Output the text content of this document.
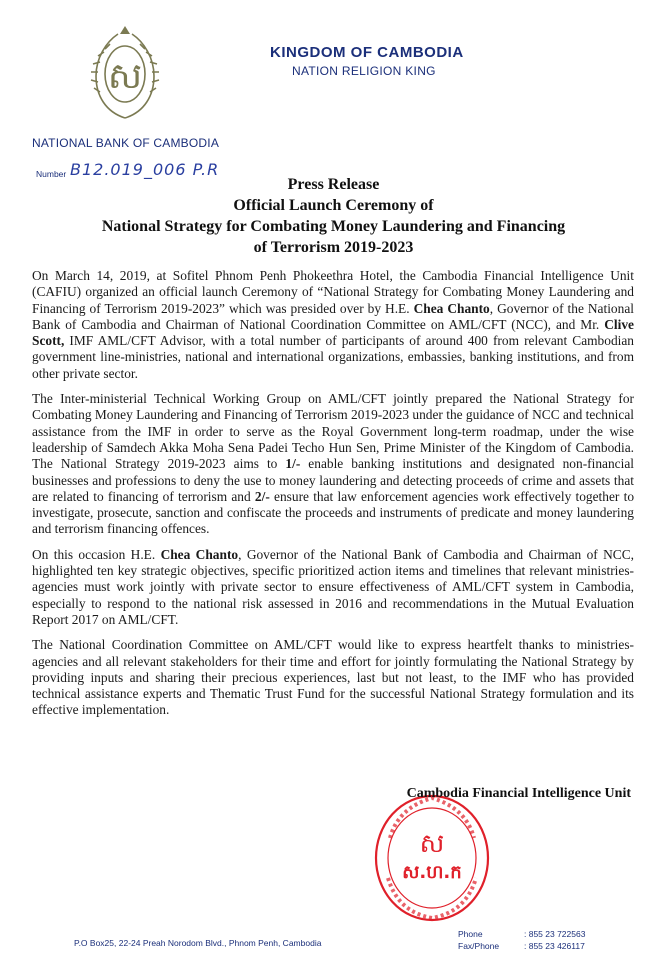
ស
KINGDOM OF CAMBODIA
NATION RELIGION KING
NATIONAL BANK OF CAMBODIA
Number B12.019_006 P.R
Press Release
Official Launch Ceremony of
National Strategy for Combating Money Laundering and Financing
of Terrorism 2019-2023

On March 14, 2019, at Sofitel Phnom Penh Phokeethra Hotel, the Cambodia Financial Intelligence Unit (CAFIU) organized an official launch Ceremony of “National Strategy for Combating Money Laundering and Financing of Terrorism 2019-2023” which was presided over by H.E. Chea Chanto, Governor of the National Bank of Cambodia and Chairman of National Coordination Committee on AML/CFT (NCC), and Mr. Clive Scott, IMF AML/CFT Advisor, with a total number of participants of around 400 from relevant Cambodian government line-ministries, national and international organizations, embassies, banking institutions, and from other private sector.

The Inter-ministerial Technical Working Group on AML/CFT jointly prepared the National Strategy for Combating Money Laundering and Financing of Terrorism 2019-2023 under the guidance of NCC and technical assistance from the IMF in order to serve as the Royal Government long-term roadmap, under the wise leadership of Samdech Akka Moha Sena Padei Techo Hun Sen, Prime Minister of the Kingdom of Cambodia. The National Strategy 2019-2023 aims to 1/- enable banking institutions and designated non-financial businesses and professions to deny the use to money laundering and detecting proceeds of crime and assets that are related to financing of terrorism and 2/- ensure that law enforcement agencies work effectively together to investigate, prosecute, sanction and confiscate the proceeds and instruments of predicate and money laundering and terrorism financing offences.

On this occasion H.E. Chea Chanto, Governor of the National Bank of Cambodia and Chairman of NCC, highlighted ten key strategic objectives, specific prioritized action items and timelines that relevant ministries-agencies must work jointly with private sector to ensure effectiveness of AML/CFT system in Cambodia, especially to respond to the national risk assessed in 2016 and recommendations in the Mutual Evaluation Report 2017 on AML/CFT.

The National Coordination Committee on AML/CFT would like to express heartfelt thanks to ministries-agencies and all relevant stakeholders for their time and effort for jointly formulating the National Strategy by providing inputs and sharing their precious experiences, last but not least, to the IMF who has provided technical assistance experts and Thematic Trust Fund for the successful National Strategy formulation and its effective implementation.

ស
ស.ហ.ក
Cambodia Financial Intelligence Unit
P.O Box25, 22-24 Preah Norodom Blvd., Phnom Penh, Cambodia
Phone	: 855 23 722563
Fax/Phone	: 855 23 426117
